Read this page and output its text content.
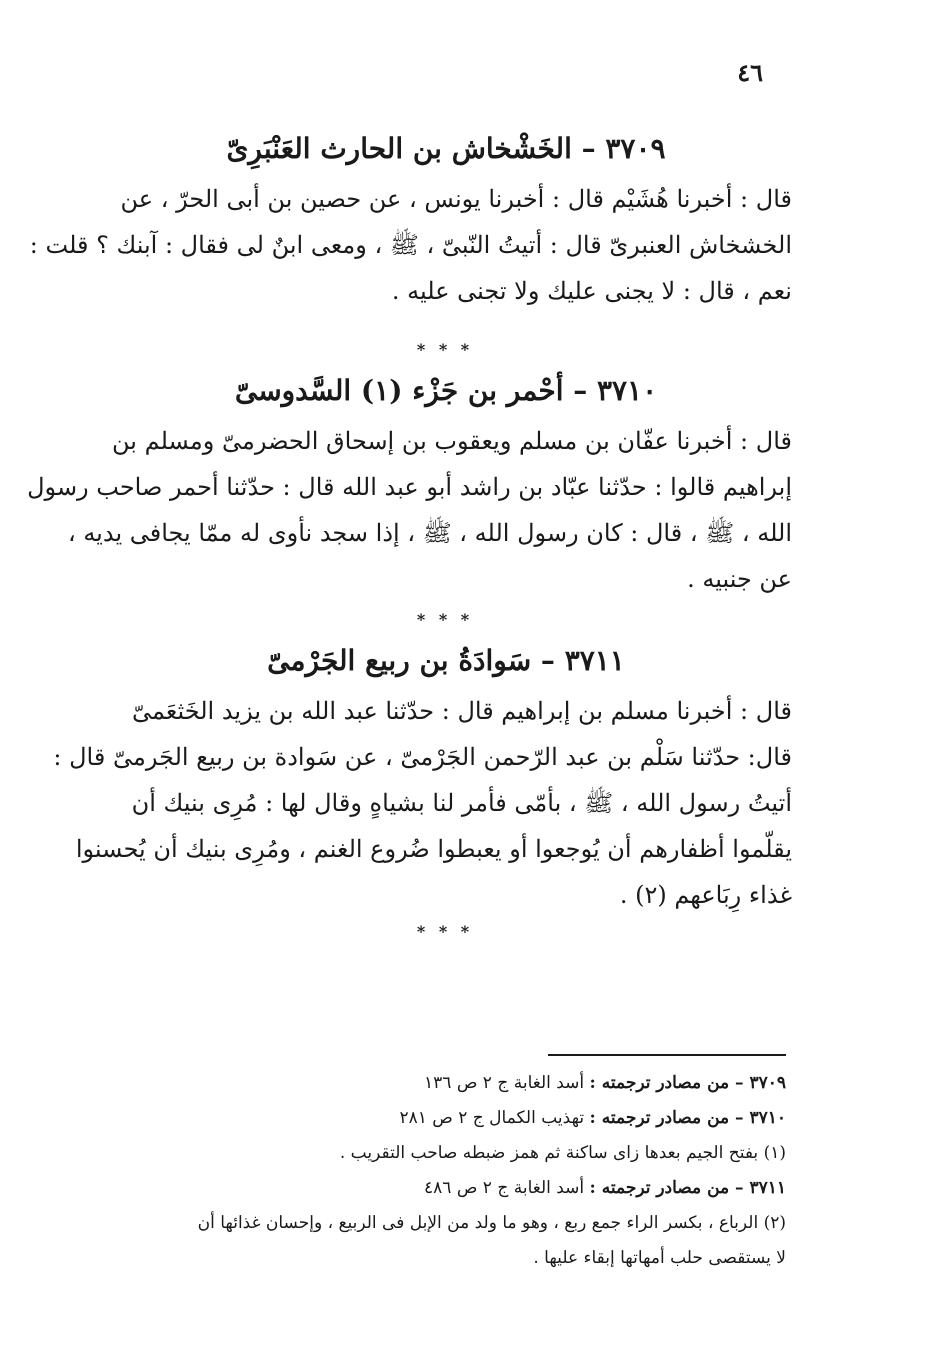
٤٦
٣٧٠٩ – الخَشْخاش بن الحارث العَنْبَرِىّ

قال : أخبرنا هُشَيْم قال : أخبرنا يونس ، عن حصين بن أبى الحرّ ، عن
الخشخاش العنبرىّ قال : أتيتُ النّبىّ ، ﷺ ، ومعى ابنٌ لى فقال : آبنك ؟ قلت :
نعم ، قال : لا يجنى عليك ولا تجنى عليه .

* * *
٣٧١٠ – أحْمر بن جَزْء (١) السَّدوسىّ

قال : أخبرنا عفّان بن مسلم ويعقوب بن إسحاق الحضرمىّ ومسلم بن
إبراهيم قالوا : حدّثنا عبّاد بن راشد أبو عبد الله قال : حدّثنا أحمر صاحب رسول
الله ، ﷺ ، قال : كان رسول الله ، ﷺ ، إذا سجد نأوى له ممّا يجافى يديه ،
عن جنبيه .

* * *
٣٧١١ – سَوادَةُ بن ربيع الجَرْمىّ

قال : أخبرنا مسلم بن إبراهيم قال : حدّثنا عبد الله بن يزيد الخَثعَمىّ
قال: حدّثنا سَلْم بن عبد الرّحمن الجَرْمىّ ، عن سَوادة بن ربيع الجَرمىّ قال :
أتيتُ رسول الله ، ﷺ ، بأمّى فأمر لنا بشياهٍ وقال لها : مُرِى بنيك أن
يقلّموا أظفارهم أن يُوجعوا أو يعبطوا ضُروع الغنم ، ومُرِى بنيك أن يُحسنوا
غذاء رِبَاعهم (٢) .

* * *
٣٧٠٩ – من مصادر ترجمته : أسد الغابة ج ٢ ص ١٣٦
٣٧١٠ – من مصادر ترجمته : تهذيب الكمال ج ٢ ص ٢٨١
(١) بفتح الجيم بعدها زاى ساكنة ثم همز ضبطه صاحب التقريب .
٣٧١١ – من مصادر ترجمته : أسد الغابة ج ٢ ص ٤٨٦
(٢) الرباع ، بكسر الراء جمع ربع ، وهو ما ولد من الإبل فى الربيع ، وإحسان غذائها أن
لا يستقصى حلب أمهاتها إبقاء عليها .
